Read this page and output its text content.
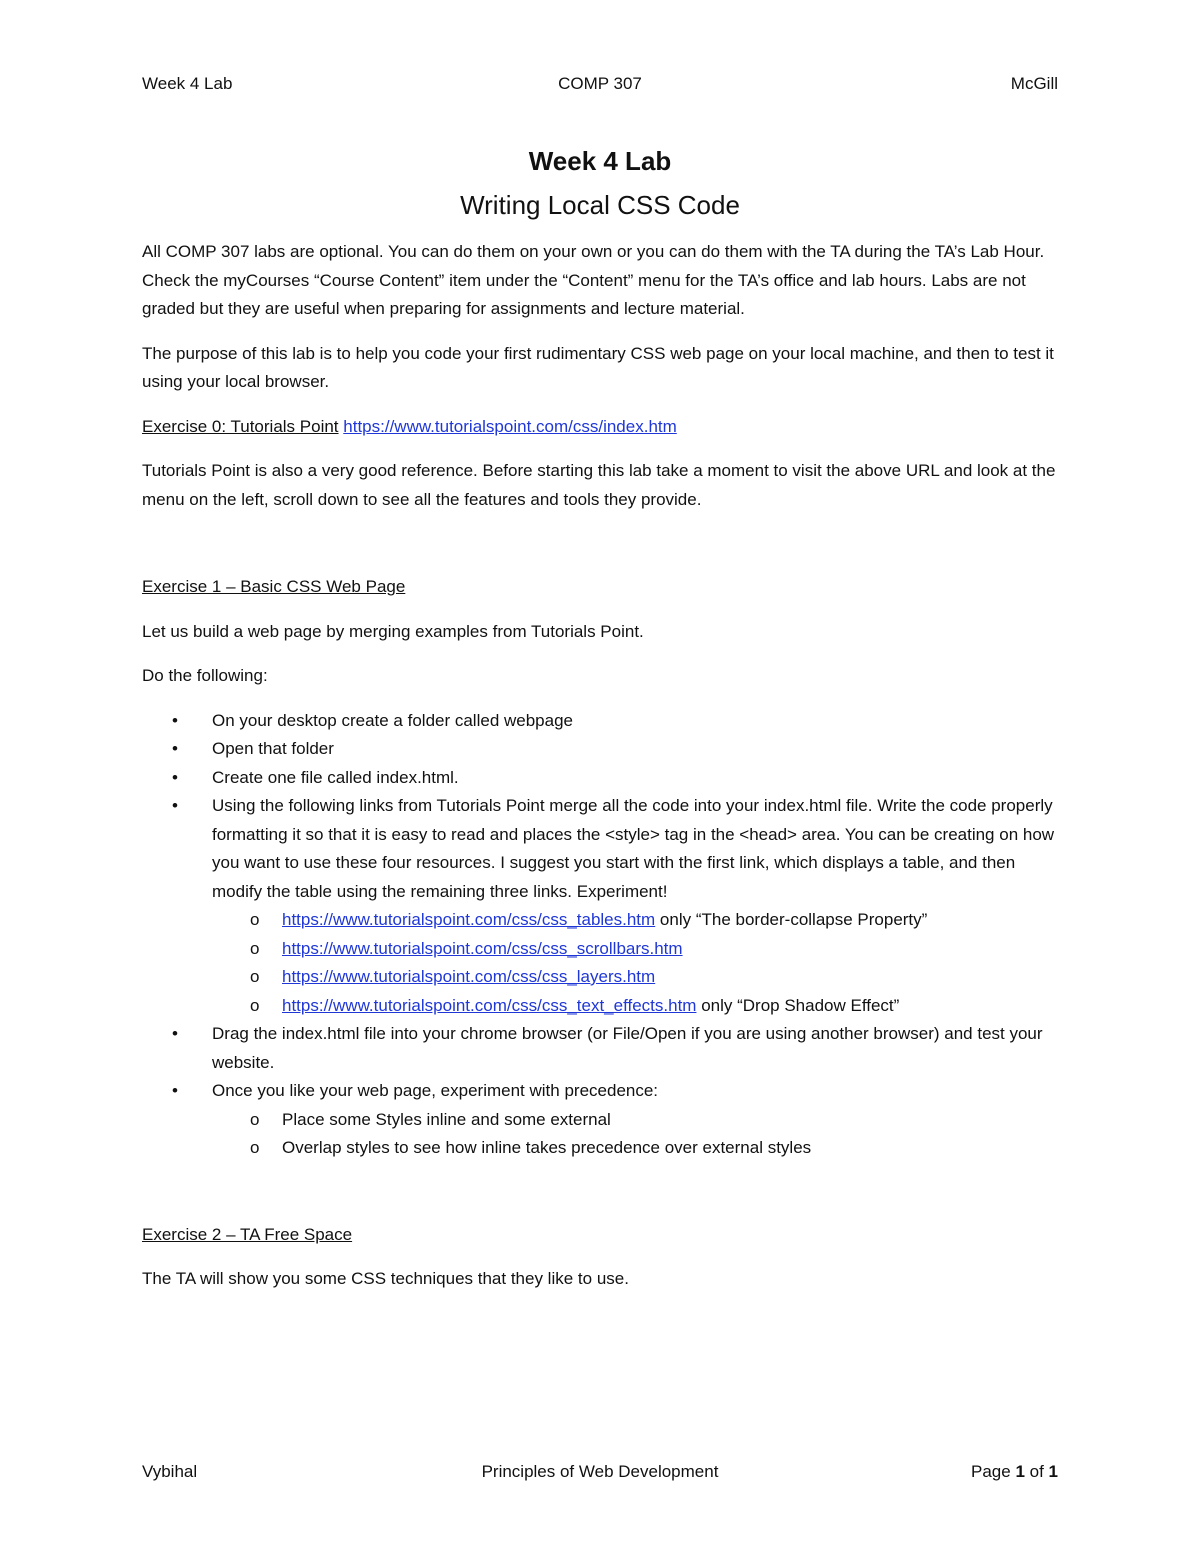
Week 4 Lab	COMP 307	McGill
Week 4 Lab
Writing Local CSS Code

All COMP 307 labs are optional. You can do them on your own or you can do them with the TA during the TA’s Lab Hour. Check the myCourses “Course Content” item under the “Content” menu for the TA’s office and lab hours. Labs are not graded but they are useful when preparing for assignments and lecture material.

The purpose of this lab is to help you code your first rudimentary CSS web page on your local machine, and then to test it using your local browser.

Exercise 0: Tutorials Point https://www.tutorialspoint.com/css/index.htm

Tutorials Point is also a very good reference. Before starting this lab take a moment to visit the above URL and look at the menu on the left, scroll down to see all the features and tools they provide.

Exercise 1 – Basic CSS Web Page

Let us build a web page by merging examples from Tutorials Point.

Do the following:

• On your desktop create a folder called webpage
• Open that folder
• Create one file called index.html.
• Using the following links from Tutorials Point merge all the code into your index.html file. Write the code properly formatting it so that it is easy to read and places the <style> tag in the <head> area. You can be creating on how you want to use these four resources. I suggest you start with the first link, which displays a table, and then modify the table using the remaining three links. Experiment!
o https://www.tutorialspoint.com/css/css_tables.htm only “The border-collapse Property”
o https://www.tutorialspoint.com/css/css_scrollbars.htm
o https://www.tutorialspoint.com/css/css_layers.htm
o https://www.tutorialspoint.com/css/css_text_effects.htm only “Drop Shadow Effect”
• Drag the index.html file into your chrome browser (or File/Open if you are using another browser) and test your website.
• Once you like your web page, experiment with precedence:
o Place some Styles inline and some external
o Overlap styles to see how inline takes precedence over external styles

Exercise 2 – TA Free Space

The TA will show you some CSS techniques that they like to use.

Vybihal	Principles of Web Development	Page 1 of 1
